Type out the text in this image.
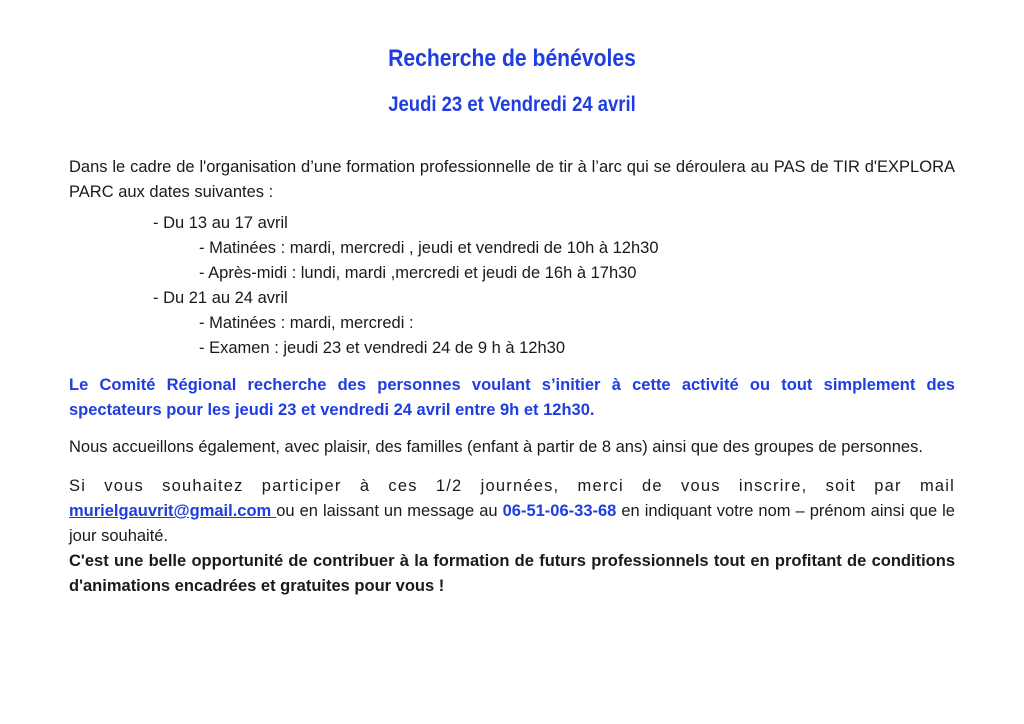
Recherche de bénévoles
Jeudi 23 et Vendredi 24 avril

Dans le cadre de l'organisation d’une formation professionnelle de tir à l’arc qui se déroulera au PAS de TIR d'EXPLORA PARC aux dates suivantes :

- Du 13 au 17 avril
- Matinées : mardi, mercredi , jeudi et vendredi de 10h à 12h30
- Après-midi : lundi, mardi ,mercredi et jeudi de 16h à 17h30
- Du 21 au 24 avril
- Matinées : mardi, mercredi :
- Examen : jeudi 23 et vendredi 24 de 9 h à 12h30

Le Comité Régional recherche des personnes voulant s’initier à cette activité ou tout simplement des spectateurs pour les jeudi 23 et vendredi 24 avril entre 9h et 12h30.

Nous accueillons également, avec plaisir, des familles (enfant à partir de 8 ans) ainsi que des groupes de personnes.

Si vous souhaitez participer à ces 1/2 journées, merci de vous inscrire, soit par mail murielgauvrit@gmail.com ou en laissant un message au 06-51-06-33-68 en indiquant votre nom – prénom ainsi que le jour souhaité.

C'est une belle opportunité de contribuer à la formation de futurs professionnels tout en profitant de conditions d'animations encadrées et gratuites pour vous !
